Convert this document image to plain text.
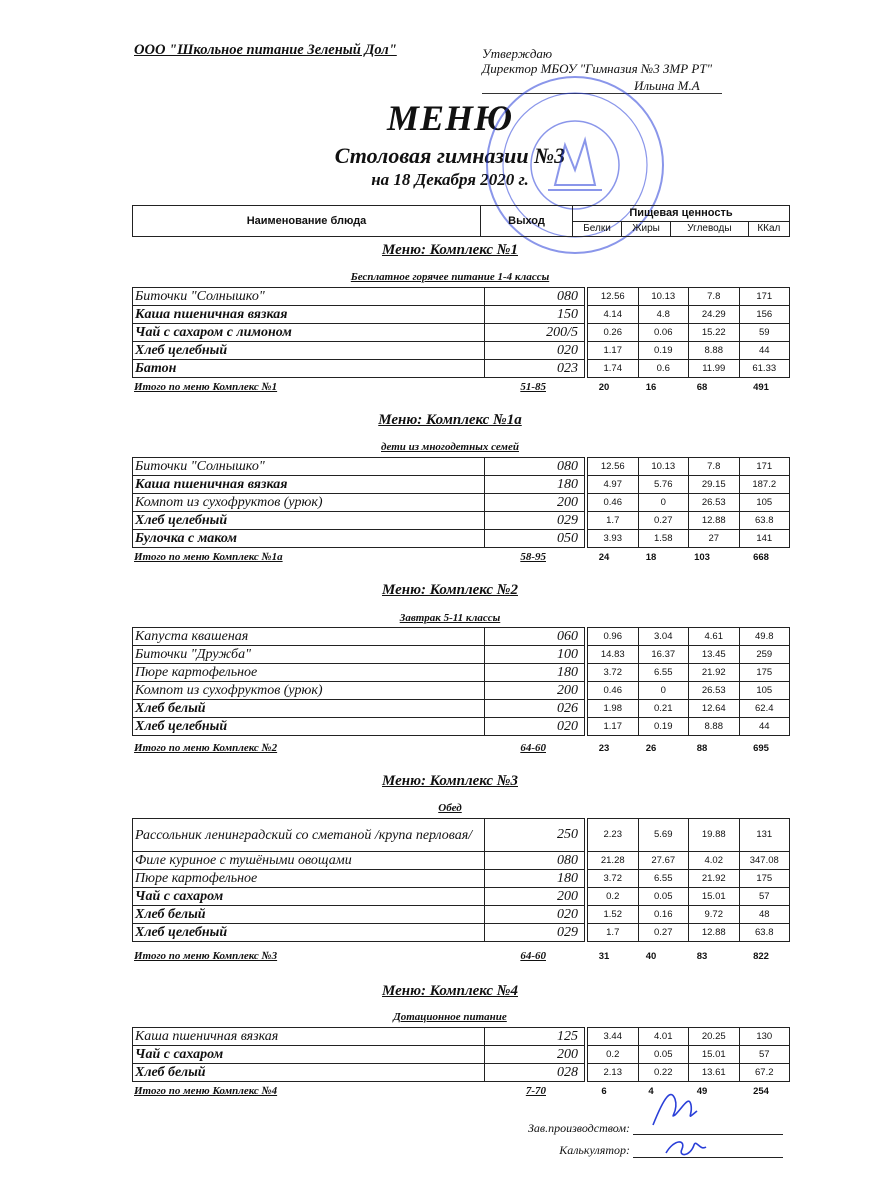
ООО "Школьное питание Зеленый Дол"	Утверждаю
Директор МБОУ "Гимназия №3 ЗМР РТ"
Ильина М.А
МЕНЮ
Столовая гимназии №3
на 18 Декабря 2020 г.
Наименование блюда	Выход	Пищевая ценность			
		Белки	Жиры	Углеводы	ККал
Меню: Комплекс №1
Бесплатное горячее питание 1-4 классы
Биточки "Солнышко"	080		12.56	10.13	7.8	171
Каша пшеничная вязкая	150		4.14	4.8	24.29	156
Чай с сахаром с лимоном	200/5		0.26	0.06	15.22	59
Хлеб целебный	020		1.17	0.19	8.88	44
Батон	023		1.74	0.6	11.99	61.33
Итого по меню Комплекс №1	51-85	20	16	68	491
Меню: Комплекс №1а
дети из многодетных семей
Биточки "Солнышко"	080		12.56	10.13	7.8	171
Каша пшеничная вязкая	180		4.97	5.76	29.15	187.2
Компот из сухофруктов (урюк)	200		0.46	0	26.53	105
Хлеб целебный	029		1.7	0.27	12.88	63.8
Булочка с маком	050		3.93	1.58	27	141
Итого по меню Комплекс №1а	58-95	24	18	103	668
Меню: Комплекс №2
Завтрак 5-11 классы
Капуста квашеная	060		0.96	3.04	4.61	49.8
Биточки "Дружба"	100		14.83	16.37	13.45	259
Пюре картофельное	180		3.72	6.55	21.92	175
Компот из сухофруктов (урюк)	200		0.46	0	26.53	105
Хлеб белый	026		1.98	0.21	12.64	62.4
Хлеб целебный	020		1.17	0.19	8.88	44
Итого по меню Комплекс №2	64-60	23	26	88	695
Меню: Комплекс №3
Обед
Рассольник ленинградский со сметаной /крупа перловая/	250		2.23	5.69	19.88	131
Филе куриное с тушёными овощами	080		21.28	27.67	4.02	347.08
Пюре картофельное	180		3.72	6.55	21.92	175
Чай с сахаром	200		0.2	0.05	15.01	57
Хлеб белый	020		1.52	0.16	9.72	48
Хлеб целебный	029		1.7	0.27	12.88	63.8
Итого по меню Комплекс №3	64-60	31	40	83	822
Меню: Комплекс №4
Дотационное питание
Каша пшеничная вязкая	125		3.44	4.01	20.25	130
Чай с сахаром	200		0.2	0.05	15.01	57
Хлеб белый	028		2.13	0.22	13.61	67.2
Итого по меню Комплекс №4	7-70	6	4	49	254
Зав.производством:
Калькулятор:
